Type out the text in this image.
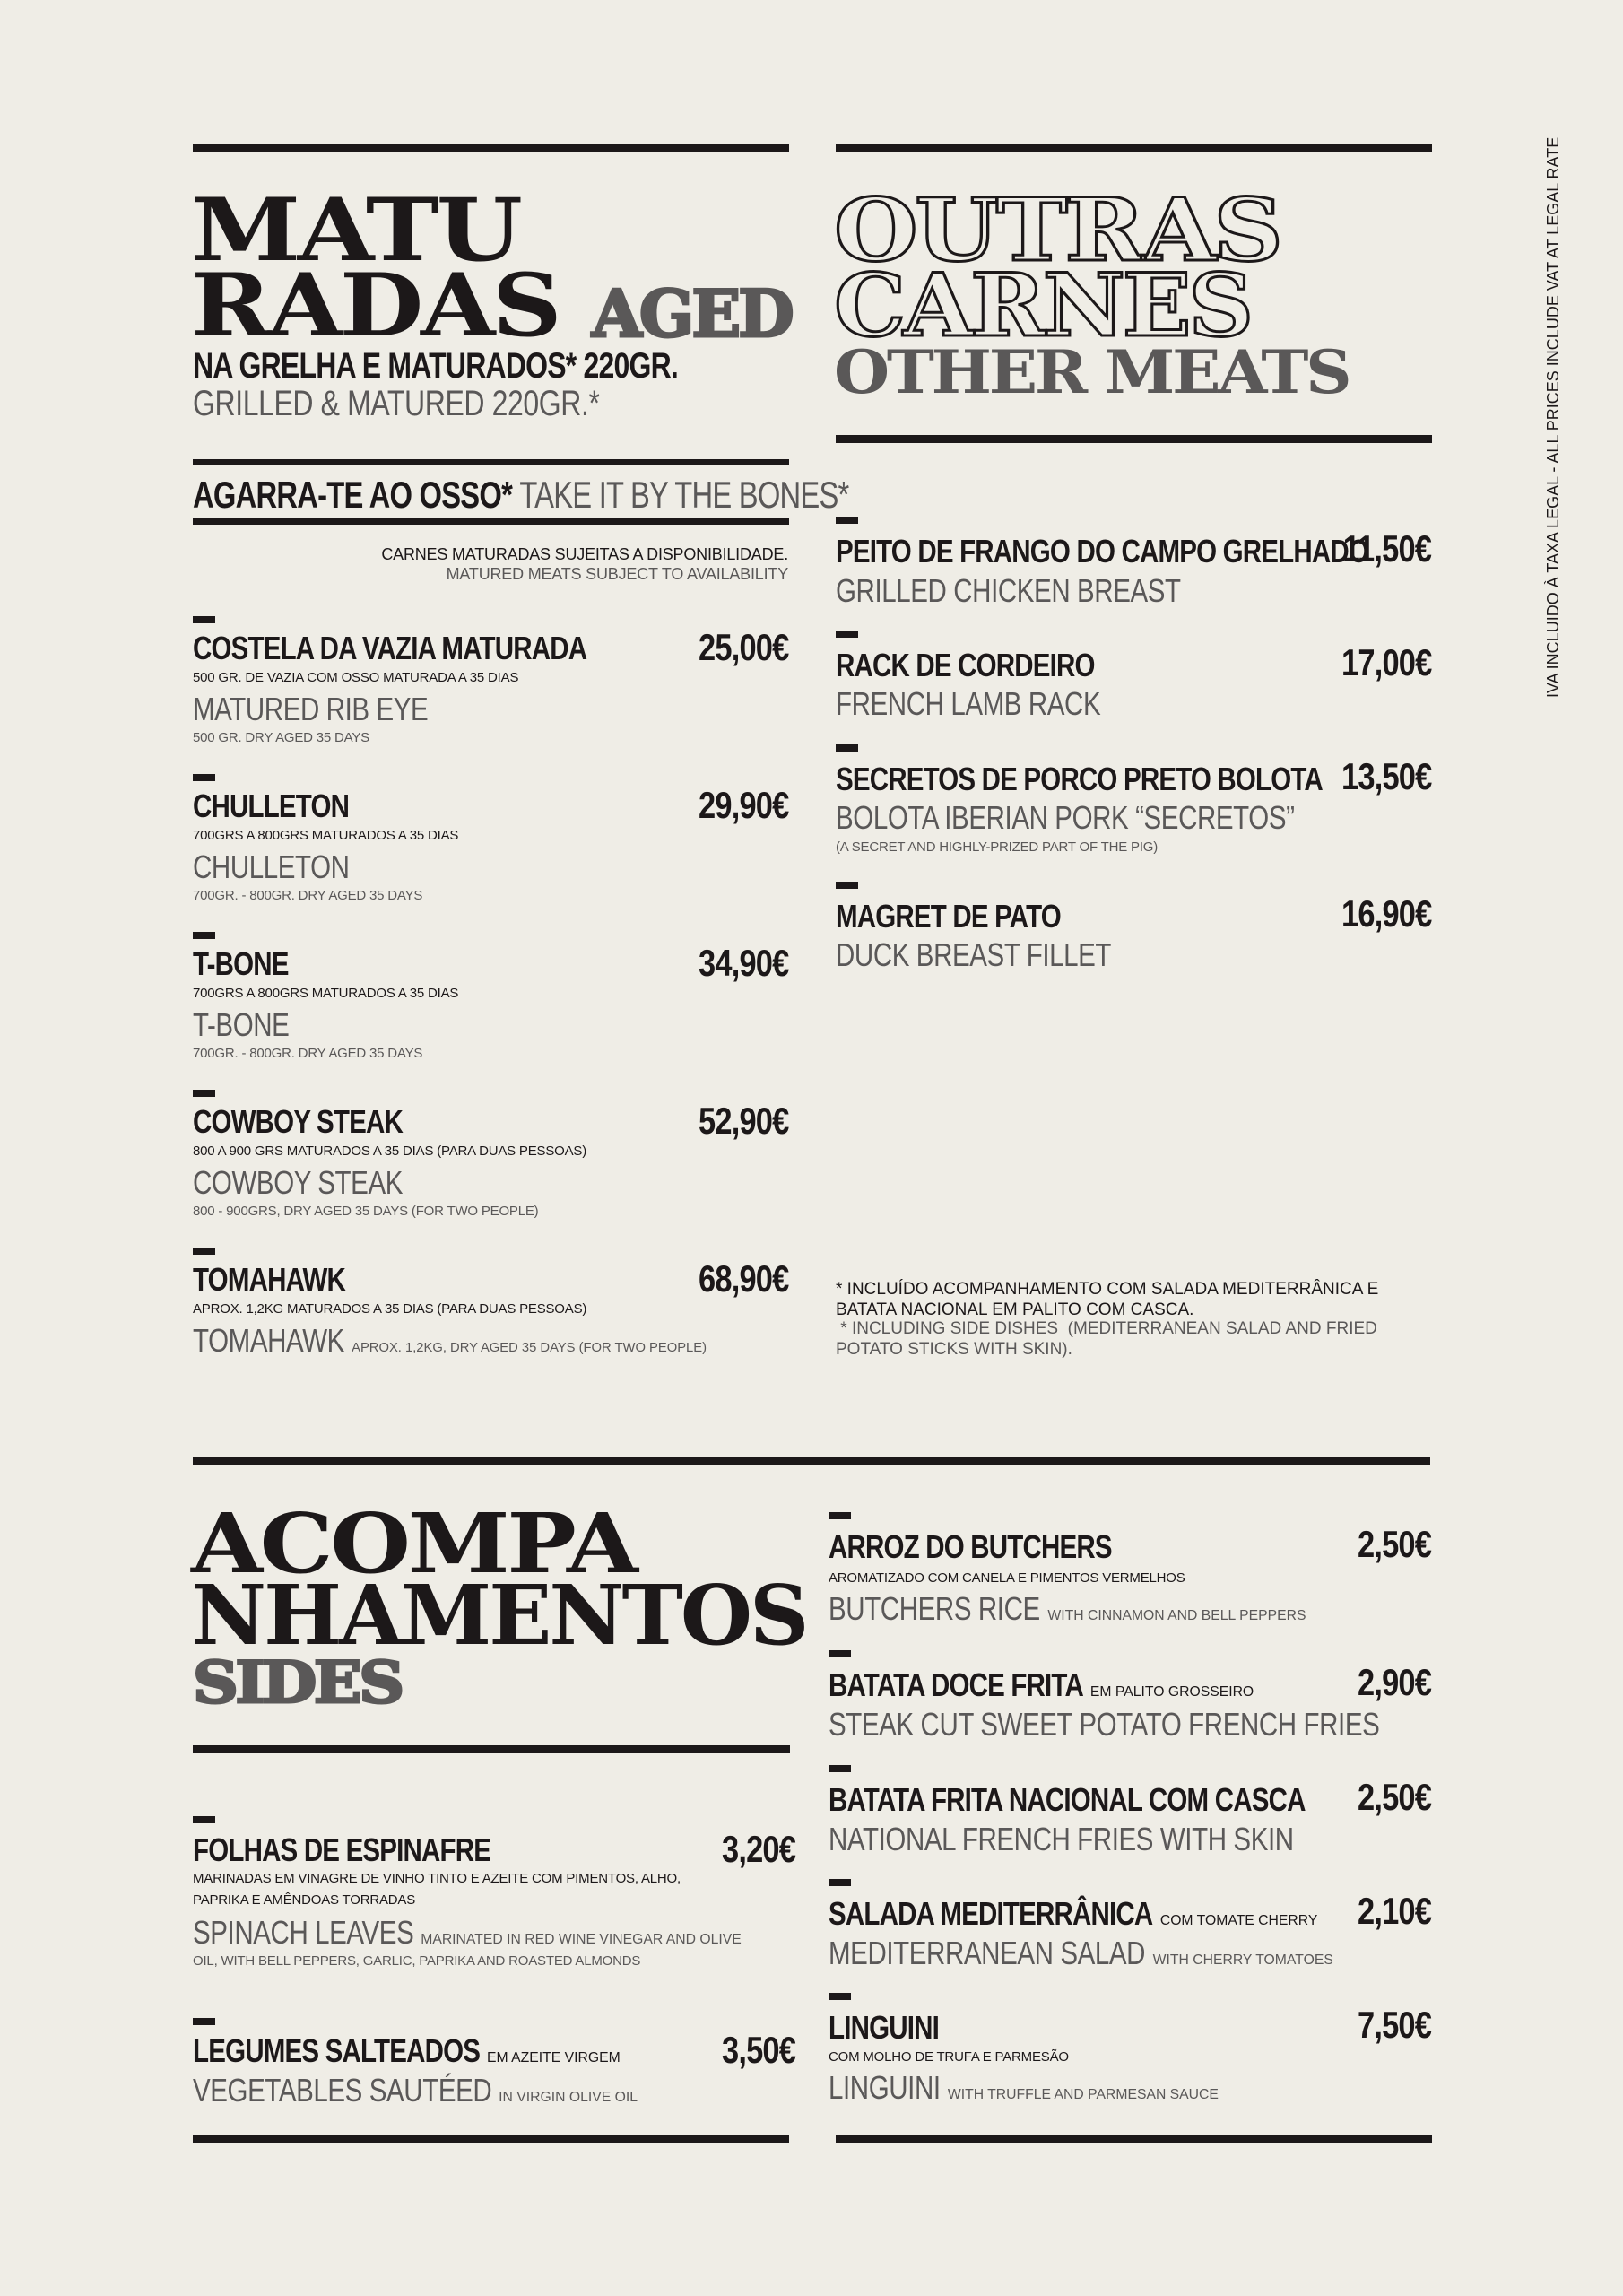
IVA INCLUIDO À TAXA LEGAL - ALL PRICES INCLUDE VAT AT LEGAL RATE
MATU
RADAS AGED
NA GRELHA E MATURADOS* 220GR.
GRILLED & MATURED 220GR.*
AGARRA-TE AO OSSO* TAKE IT BY THE BONES*
CARNES MATURADAS SUJEITAS A DISPONIBILIDADE.
MATURED MEATS SUBJECT TO AVAILABILITY
COSTELA DA VAZIA MATURADA	25,00€
500 GR. DE VAZIA COM OSSO MATURADA A 35 DIAS
MATURED RIB EYE
500 GR. DRY AGED 35 DAYS
CHULLETON	29,90€
700GRS A 800GRS MATURADOS A 35 DIAS
CHULLETON
700GR. - 800GR. DRY AGED 35 DAYS
T-BONE	34,90€
700GRS A 800GRS MATURADOS A 35 DIAS
T-BONE
700GR. - 800GR. DRY AGED 35 DAYS
COWBOY STEAK	52,90€
800 A 900 GRS MATURADOS A 35 DIAS (PARA DUAS PESSOAS)
COWBOY STEAK
800 - 900GRS, DRY AGED 35 DAYS (FOR TWO PEOPLE)
TOMAHAWK	68,90€
APROX. 1,2KG MATURADOS A 35 DIAS (PARA DUAS PESSOAS)
TOMAHAWK APROX. 1,2KG, DRY AGED 35 DAYS (FOR TWO PEOPLE)
OUTRAS
CARNES
OTHER MEATS
PEITO DE FRANGO DO CAMPO GRELHADO
11,50€
GRILLED CHICKEN BREAST
RACK DE CORDEIRO	17,00€
FRENCH LAMB RACK
SECRETOS DE PORCO PRETO BOLOTA 13,50€
BOLOTA IBERIAN PORK “SECRETOS”
(A SECRET AND HIGHLY-PRIZED PART OF THE PIG)
MAGRET DE PATO	16,90€
DUCK BREAST FILLET
* INCLUÍDO ACOMPANHAMENTO COM SALADA MEDITERRÂNICA E BATATA NACIONAL EM PALITO COM CASCA.
* INCLUDING SIDE DISHES  (MEDITERRANEAN SALAD AND FRIED POTATO STICKS WITH SKIN).
ACOMPA
NHAMENTOS
SIDES
FOLHAS DE ESPINAFRE	3,20€
MARINADAS EM VINAGRE DE VINHO TINTO E AZEITE COM PIMENTOS, ALHO,
PAPRIKA E AMÊNDOAS TORRADAS
SPINACH LEAVES MARINATED IN RED WINE VINEGAR AND OLIVE
OIL, WITH BELL PEPPERS, GARLIC, PAPRIKA AND ROASTED ALMONDS
LEGUMES SALTEADOS EM AZEITE VIRGEM	3,50€
VEGETABLES SAUTÉED IN VIRGIN OLIVE OIL
ARROZ DO BUTCHERS	2,50€
AROMATIZADO COM CANELA E PIMENTOS VERMELHOS
BUTCHERS RICE WITH CINNAMON AND BELL PEPPERS
BATATA DOCE FRITA EM PALITO GROSSEIRO	2,90€
STEAK CUT SWEET POTATO FRENCH FRIES
BATATA FRITA NACIONAL COM CASCA 2,50€
NATIONAL FRENCH FRIES WITH SKIN
SALADA MEDITERRÂNICA COM TOMATE CHERRY 2,10€
MEDITERRANEAN SALAD WITH CHERRY TOMATOES
LINGUINI	7,50€
COM MOLHO DE TRUFA E PARMESÃO
LINGUINI WITH TRUFFLE AND PARMESAN SAUCE
